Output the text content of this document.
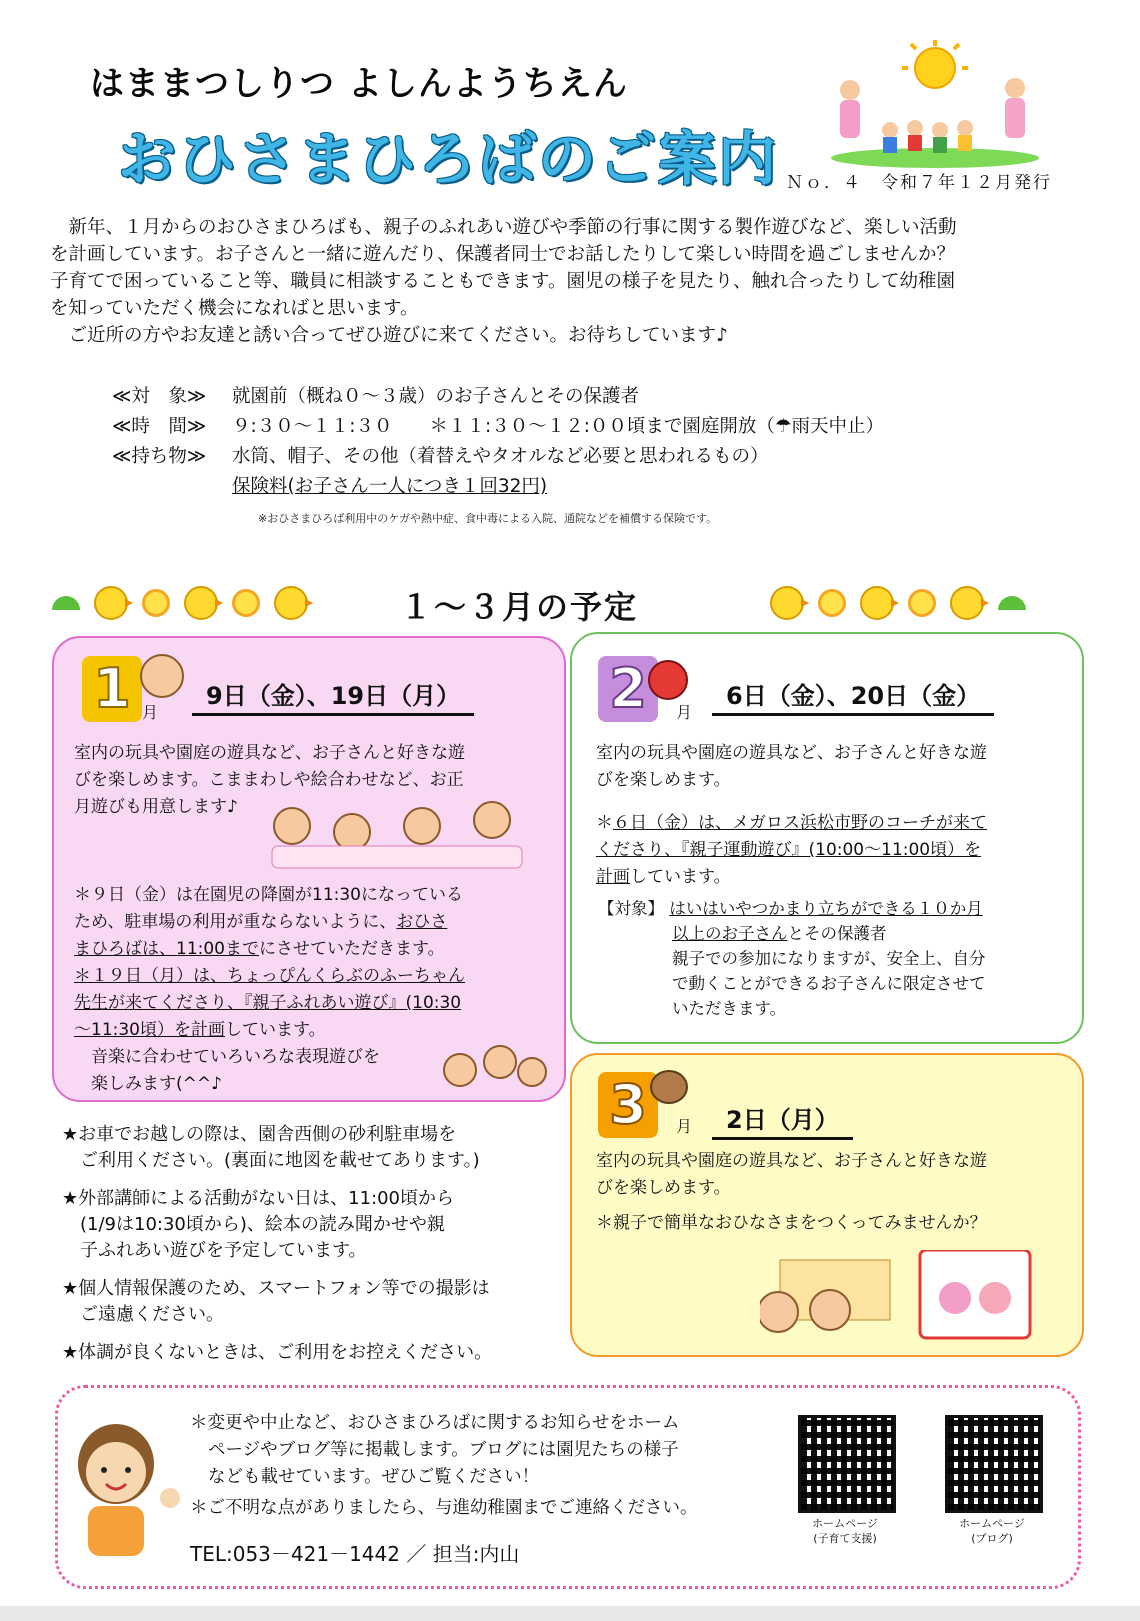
はままつしりつ よしんようちえん
おひさまひろばのご案内 Ｎｏ．４　令和７年１２月発行

　新年、１月からのおひさまひろばも、親子のふれあい遊びや季節の行事に関する製作遊びなど、楽しい活動

を計画しています。お子さんと一緒に遊んだり、保護者同士でお話したりして楽しい時間を過ごしませんか？

子育てで困っていること等、職員に相談することもできます。園児の様子を見たり、触れ合ったりして幼稚園

を知っていただく機会になればと思います。

　ご近所の方やお友達と誘い合ってぜひ遊びに来てください。お待ちしています♪

≪対　象≫	就園前（概ね０～３歳）のお子さんとその保護者
≪時　間≫	９:３０～１１:３０　　＊１１:３０～１２:００頃まで園庭開放（☂雨天中止）
≪持ち物≫	水筒、帽子、その他（着替えやタオルなど必要と思われるもの）
保険料(お子さん一人につき１回32円)
※おひさまひろば利用中のケガや熱中症、食中毒による入院、通院などを補償する保険です。
１～３月の予定
1 月
9日（金）、19日（月）

室内の玩具や園庭の遊具など、お子さんと好きな遊

びを楽しめます。こままわしや絵合わせなど、お正

月遊びも用意します♪

＊９日（金）は在園児の降園が11:30になっている

ため、駐車場の利用が重ならないように、おひさ

まひろばは、11:00までにさせていただきます。

＊１９日（月）は、ちょっぴんくらぶのふーちゃん

先生が来てくださり、『親子ふれあい遊び』(10:30

～11:30頃）を計画しています。

　音楽に合わせていろいろな表現遊びを

　楽しみます(^^♪

2	月
6日（金）、20日（金）

室内の玩具や園庭の遊具など、お子さんと好きな遊

びを楽しめます。

＊６日（金）は、メガロス浜松市野のコーチが来て

くださり、『親子運動遊び』(10:00～11:00頃）を

計画しています。

【対象】 はいはいやつかまり立ちができる１０か月

以上のお子さんとその保護者

親子での参加になりますが、安全上、自分

で動くことができるお子さんに限定させて

いただきます。

3	月	2日（月）

室内の玩具や園庭の遊具など、お子さんと好きな遊

びを楽しめます。

＊親子で簡単なおひなさまをつくってみませんか？

★お車でお越しの際は、園舎西側の砂利駐車場を
ご利用ください。(裏面に地図を載せてあります。)
★外部講師による活動がない日は、11:00頃から
(1/9は10:30頃から)、絵本の読み聞かせや親
子ふれあい遊びを予定しています。
★個人情報保護のため、スマートフォン等での撮影は
ご遠慮ください。
★体調が良くないときは、ご利用をお控えください。

＊変更や中止など、おひさまひろばに関するお知らせをホーム

ページやブログ等に掲載します。ブログには園児たちの様子

なども載せています。ぜひご覧ください！

＊ご不明な点がありましたら、与進幼稚園までご連絡ください。

TEL:053－421－1442 ／ 担当:内山
ホームページ
(子育て支援)
ホームページ
(ブログ)
